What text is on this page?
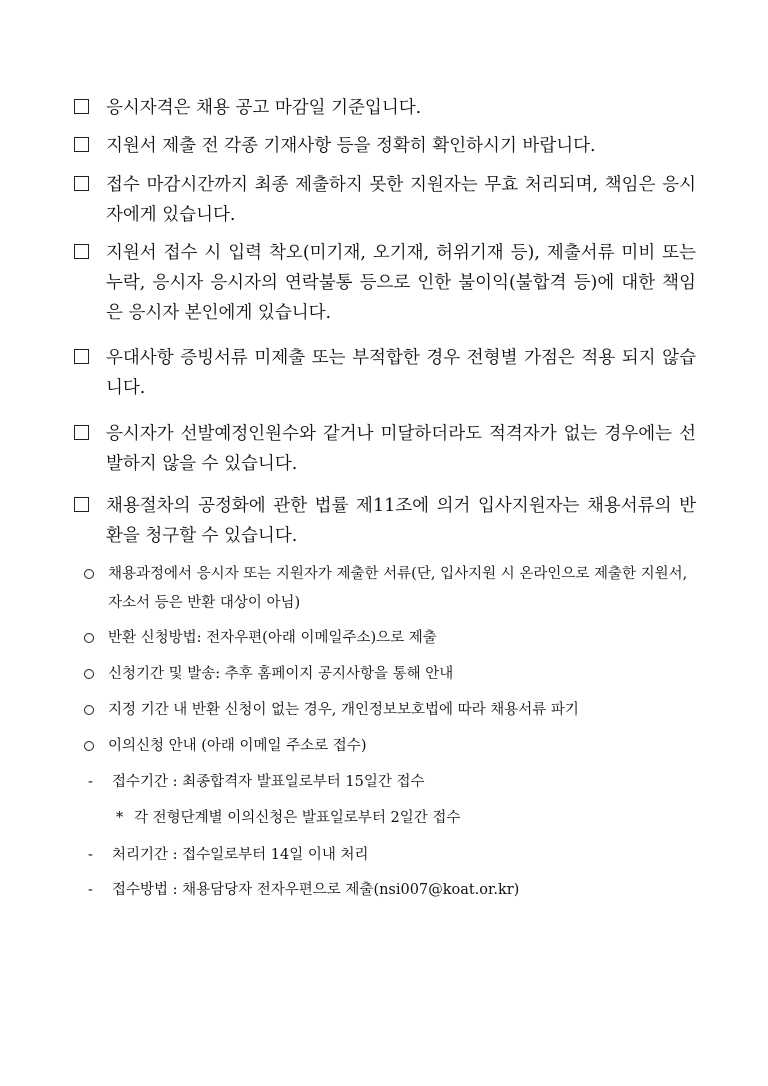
응시자격은 채용 공고 마감일 기준입니다.
지원서 제출 전 각종 기재사항 등을 정확히 확인하시기 바랍니다.
접수 마감시간까지 최종 제출하지 못한 지원자는 무효 처리되며, 책임은 응시자에게 있습니다.
지원서 접수 시 입력 착오(미기재, 오기재, 허위기재 등), 제출서류 미비 또는 누락, 응시자 응시자의 연락불통 등으로 인한 불이익(불합격 등)에 대한 책임은 응시자 본인에게 있습니다.
우대사항 증빙서류 미제출 또는 부적합한 경우 전형별 가점은 적용 되지 않습니다.
응시자가 선발예정인원수와 같거나 미달하더라도 적격자가 없는 경우에는 선발하지 않을 수 있습니다.
채용절차의 공정화에 관한 법률 제11조에 의거 입사지원자는 채용서류의 반환을 청구할 수 있습니다.
채용과정에서 응시자 또는 지원자가 제출한 서류(단, 입사지원 시 온라인으로 제출한 지원서, 자소서 등은 반환 대상이 아님)
반환 신청방법: 전자우편(아래 이메일주소)으로 제출
신청기간 및 발송: 추후 홈페이지 공지사항을 통해 안내
지정 기간 내 반환 신청이 없는 경우, 개인정보보호법에 따라 채용서류 파기
이의신청 안내 (아래 이메일 주소로 접수)
- 접수기간 : 최종합격자 발표일로부터 15일간 접수
* 각 전형단계별 이의신청은 발표일로부터 2일간 접수
- 처리기간 : 접수일로부터 14일 이내 처리
- 접수방법 : 채용담당자 전자우편으로 제출(nsi007@koat.or.kr)
